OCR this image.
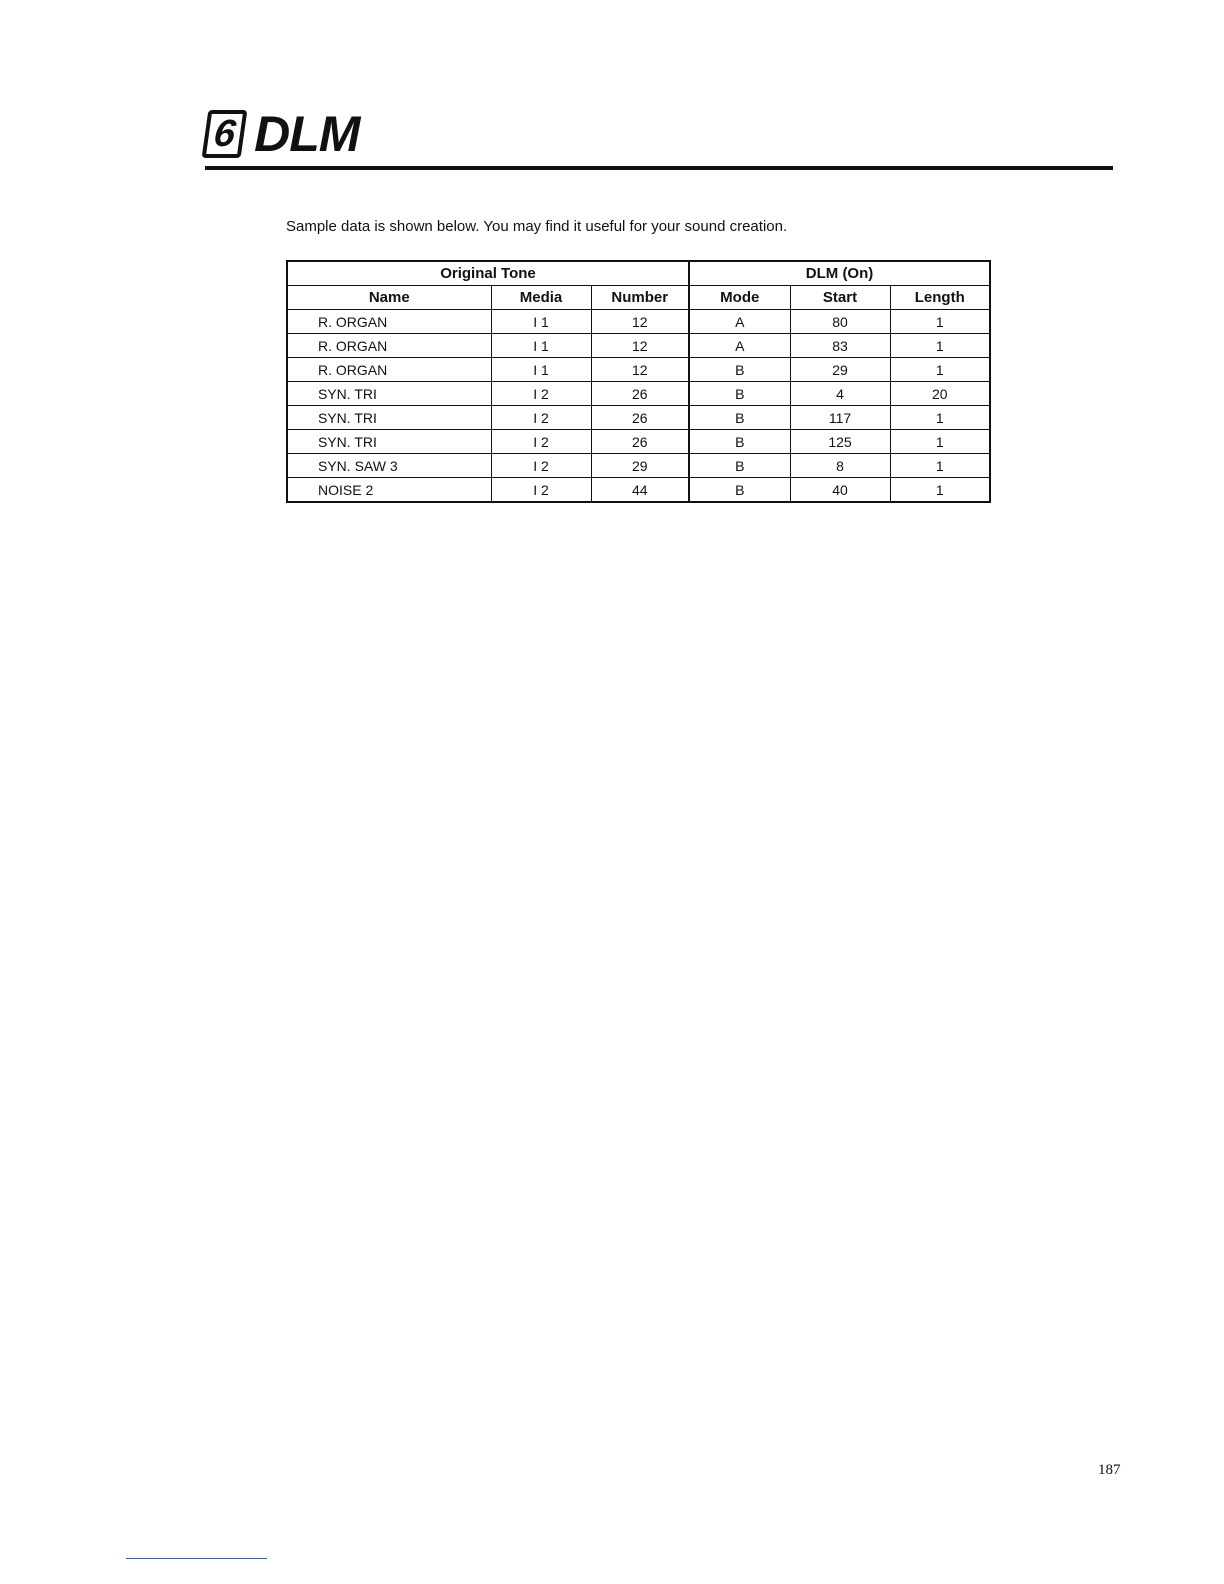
6 DLM
Sample data is shown below. You may find it useful for your sound creation.
Original Tone			DLM (On)		
Name	Media	Number	Mode	Start	Length
R. ORGAN	I 1	12	A	80	1
R. ORGAN	I 1	12	A	83	1
R. ORGAN	I 1	12	B	29	1
SYN. TRI	I 2	26	B	4	20
SYN. TRI	I 2	26	B	117	1
SYN. TRI	I 2	26	B	125	1
SYN. SAW 3	I 2	29	B	8	1
NOISE 2	I 2	44	B	40	1
187
